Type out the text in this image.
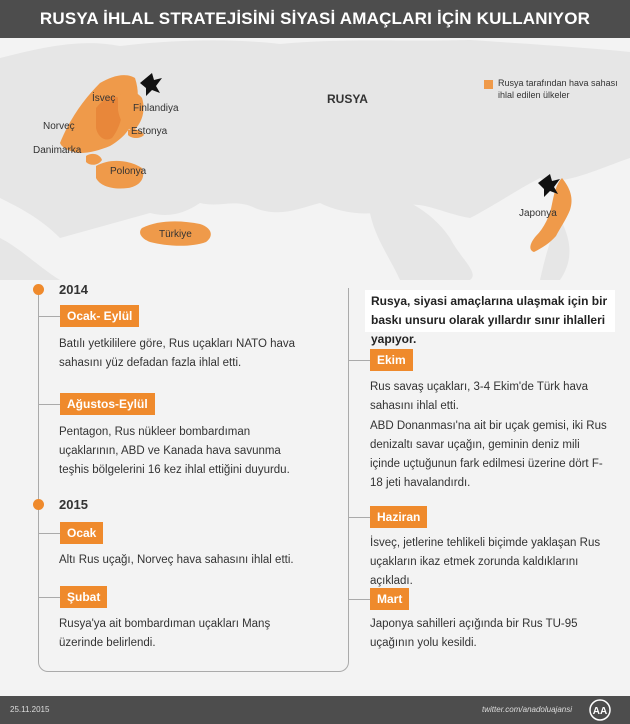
RUSYA İHLAL STRATEJİSİNİ SİYASİ AMAÇLARI İÇİN KULLANIYOR
RUSYA
İsveç
Finlandiya
Norveç	Estonya
Danimarka
Polonya
Türkiye
Japonya
Rusya tarafından hava sahası ihlal edilen ülkeler
Rusya, siyasi amaçlarına ulaşmak için bir baskı unsuru olarak yıllardır sınır ihlalleri yapıyor.
2014
Ocak- Eylül
Batılı yetkililere göre, Rus uçakları NATO hava sahasını yüz defadan fazla ihlal etti.
Ağustos-Eylül
Pentagon, Rus nükleer bombardıman uçaklarının, ABD ve Kanada hava savunma teşhis bölgelerini 16 kez ihlal ettiğini duyurdu.
2015
Ocak
Altı Rus uçağı, Norveç hava sahasını ihlal etti.
Şubat
Rusya'ya ait bombardıman uçakları Manş üzerinde belirlendi.
Ekim
Rus savaş uçakları, 3-4 Ekim'de Türk hava sahasını ihlal etti.
ABD Donanması'na ait bir uçak gemisi, iki Rus denizaltı savar uçağın, geminin deniz mili içinde uçtuğunun fark edilmesi üzerine dört F-18 jeti havalandırdı.
Haziran
İsveç, jetlerine tehlikeli biçimde yaklaşan Rus uçakların ikaz etmek zorunda kaldıklarını açıkladı.
Mart
Japonya sahilleri açığında bir Rus TU-95 uçağının yolu kesildi.
25.11.2015	twitter.com/anadoluajansi AA
